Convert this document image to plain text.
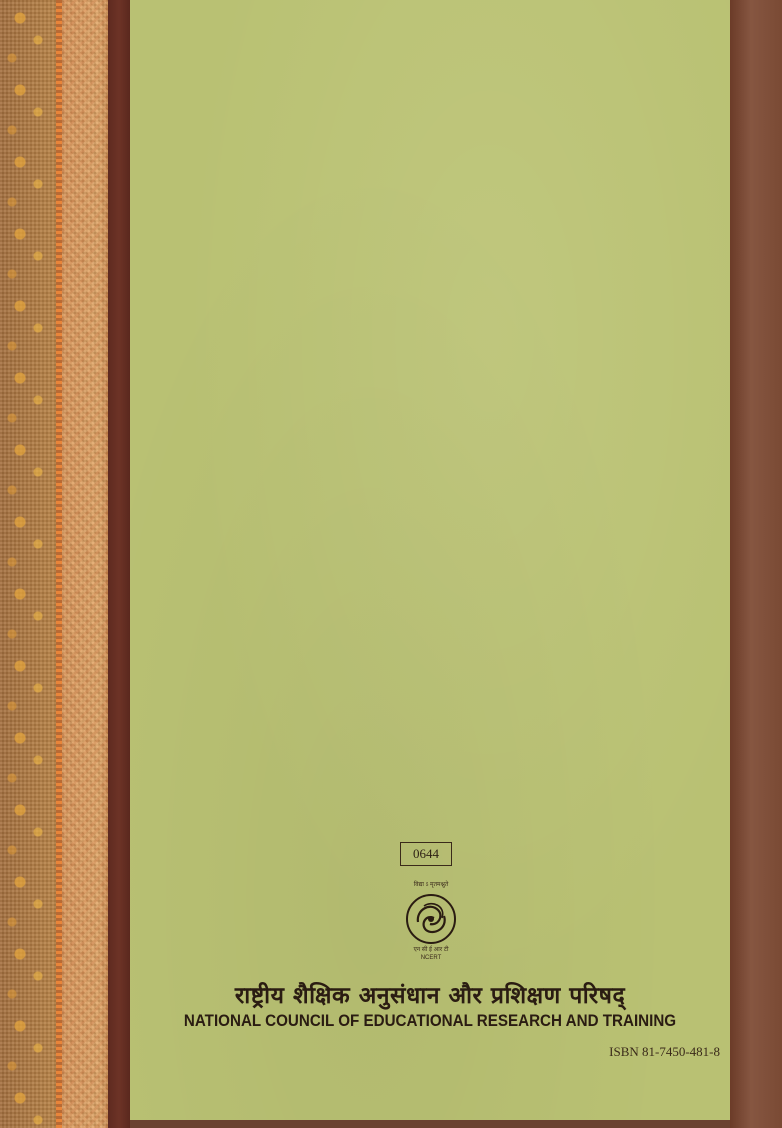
0644
विद्या ऽ मृतमश्नुते
एन सी ई आर टी
NCERT
राष्ट्रीय शैक्षिक अनुसंधान और प्रशिक्षण परिषद्
NATIONAL COUNCIL OF EDUCATIONAL RESEARCH AND TRAINING
ISBN 81-7450-481-8
